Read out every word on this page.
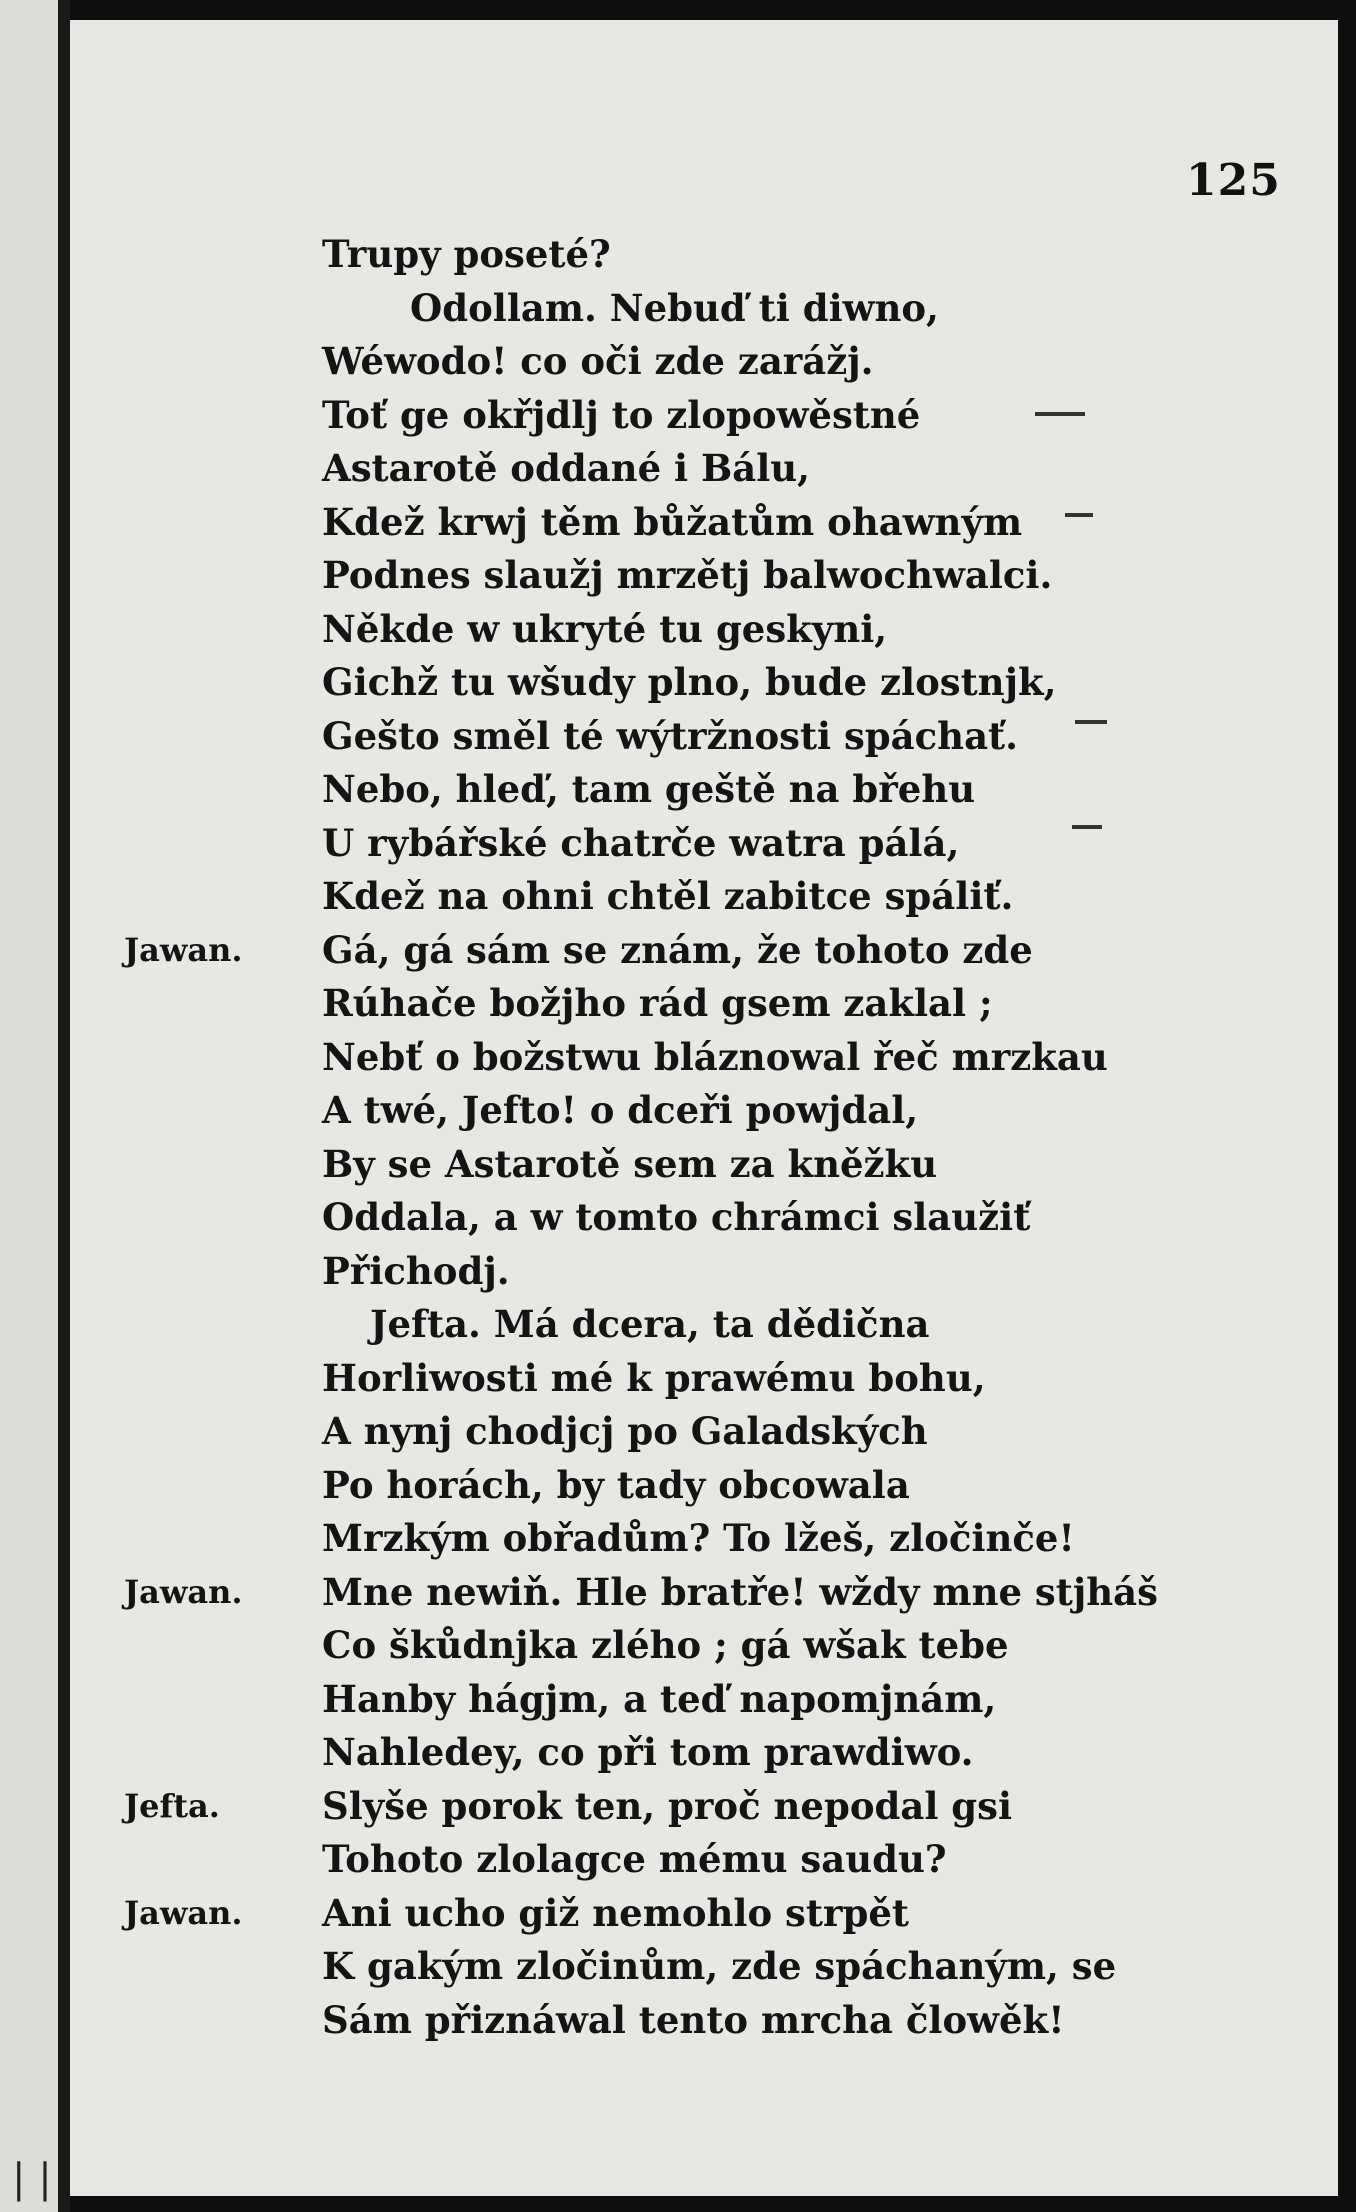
125
Trupy poseté?
Odollam. Nebuď ti diwno,
Wéwodo! co oči zde zarážj.
Toť ge okřjdlj to zlopowěstné
Astarotě oddané i Bálu,
Kdež krwj těm bůžatům ohawným
Podnes slaužj mrzětj balwochwalci.
Někde w ukryté tu geskyni,
Gichž tu wšudy plno, bude zlostnjk,
Gešto směl té wýtržnosti spáchať.
Nebo, hleď, tam geště na břehu
U rybářské chatrče watra pálá,
Kdež na ohni chtěl zabitce spáliť.
Jawan. Gá, gá sám se znám, že tohoto zde
Rúhače božjho rád gsem zaklal ;
Nebť o božstwu bláznowal řeč mrzkau
A twé, Jefto! o dceři powjdal,
By se Astarotě sem za kněžku
Oddala, a w tomto chrámci slaužiť
Přichodj.
Jefta. Má dcera, ta dědična
Horliwosti mé k prawému bohu,
A nynj chodjcj po Galadských
Po horách, by tady obcowala
Mrzkým obřadům? To lžeš, zločinče!
Jawan. Mne newiň. Hle bratře! wždy mne stjháš
Co škůdnjka zlého ; gá wšak tebe
Hanby hágjm, a teď napomjnám,
Nahledey, co při tom prawdiwo.
Jefta.	Slyše porok ten, proč nepodal gsi
Tohoto zlolagce mému saudu?
Jawan. Ani ucho giž nemohlo strpět
K gakým zločinům, zde spáchaným, se
Sám přiznáwal tento mrcha člowěk!
| |
